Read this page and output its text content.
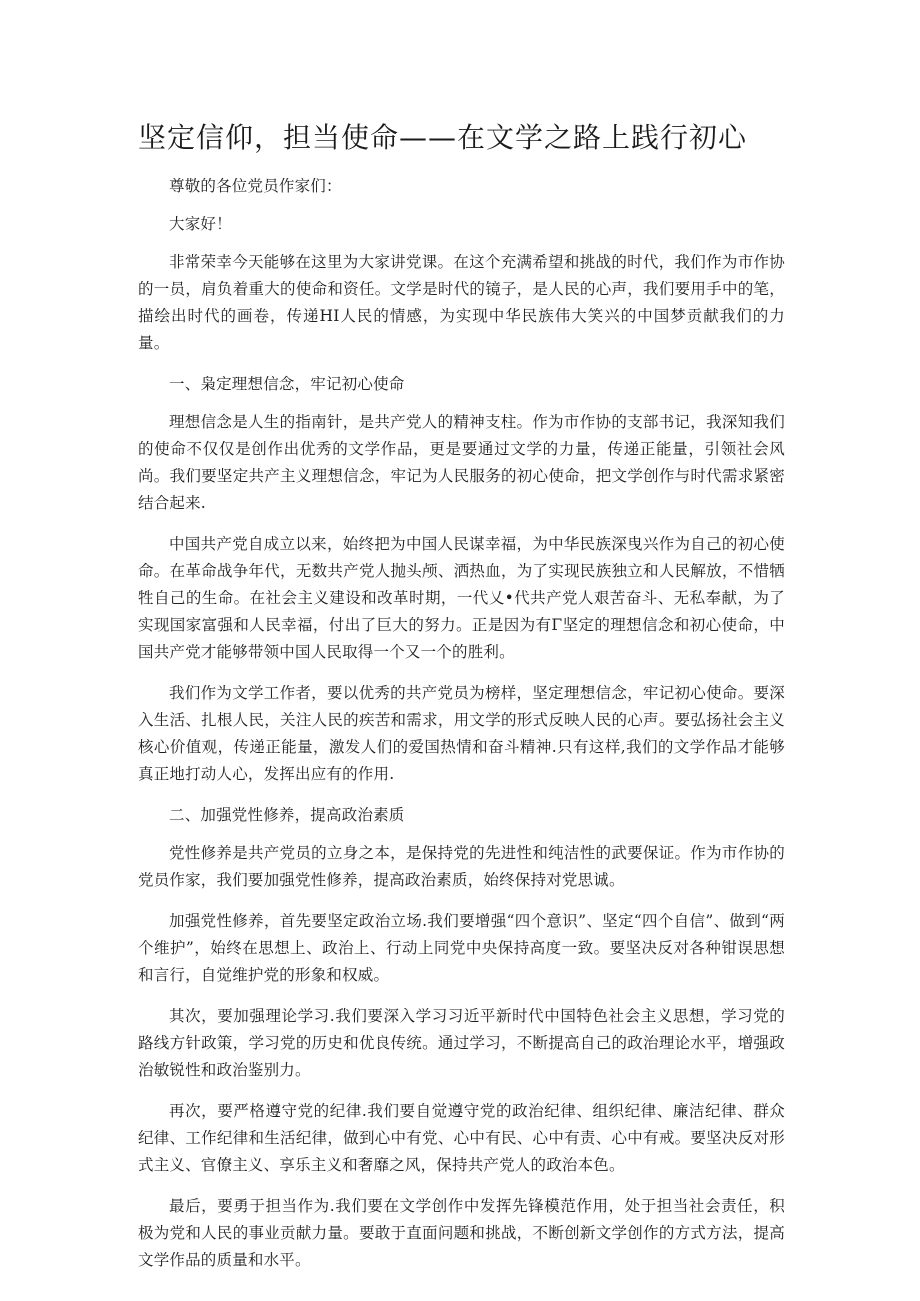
坚定信仰，担当使命——在文学之路上践行初心

尊敬的各位党员作家们：

大家好！

非常荣幸今天能够在这里为大家讲党课。在这个充满希望和挑战的时代，我们作为市作协的一员，肩负着重大的使命和资任。文学是时代的镜子，是人民的心声，我们要用手中的笔，描绘出时代的画卷，传递HI人民的情感，为实现中华民族伟大笑兴的中国梦贡献我们的力量。

一、枭定理想信念，牢记初心使命

理想信念是人生的指南针，是共产党人的精神支柱。作为市作协的支部书记，我深知我们的使命不仅仅是创作出优秀的文学作品，更是要通过文学的力量，传递正能量，引领社会风尚。我们要坚定共产主义理想信念，牢记为人民服务的初心使命，把文学创作与时代需求紧密结合起来.

中国共产党自成立以来，始终把为中国人民谋幸福，为中华民族深曳兴作为自己的初心使命。在革命战争年代，无数共产党人抛头颅、洒热血，为了实现民族独立和人民解放，不惜牺牲自己的生命。在社会主义建设和改革时期，一代乂•代共产党人艰苦奋斗、无私奉献，为了实现国家富强和人民幸福，付出了巨大的努力。正是因为有Γ坚定的理想信念和初心使命，中国共产党才能够带领中国人民取得一个又一个的胜利。

我们作为文学工作者，要以优秀的共产党员为榜样，坚定理想信念，牢记初心使命。要深入生活、扎根人民，关注人民的疾苦和需求，用文学的形式反映人民的心声。要弘扬社会主义核心价值观，传递正能量，激发人们的爱国热情和奋斗精神.只有这样,我们的文学作品才能够真正地打动人心，发挥出应有的作用.

二、加强党性修养，提高政治素质

党性修养是共产党员的立身之本，是保持党的先进性和纯洁性的武要保证。作为市作协的党员作家，我们要加强党性修养，提高政治素质，始终保持对党思诚。

加强党性修养，首先要坚定政治立场.我们要增强“四个意识”、坚定“四个自信”、做到“两个维护”，始终在思想上、政治上、行动上同党中央保持高度一致。要坚决反对各种钳误思想和言行，自觉维护党的形象和权威。

其次，要加强理论学习.我们要深入学习习近平新时代中国特色社会主义思想，学习党的路线方针政策，学习党的历史和优良传统。通过学习，不断提高自己的政治理论水平，增强政治敏锐性和政治鉴别力。

再次，要严格遵守党的纪律.我们要自觉遵守党的政治纪律、组织纪律、廉洁纪律、群众纪律、工作纪律和生活纪律，做到心中有党、心中有民、心中有责、心中有戒。要坚决反对形式主义、官僚主义、享乐主义和奢靡之风，保持共产党人的政治本色。

最后，要勇于担当作为.我们要在文学创作中发挥先锋模范作用，处于担当社会责任，积极为党和人民的事业贡献力量。要敢于直面问题和挑战，不断创新文学创作的方式方法，提高文学作品的质量和水平。
